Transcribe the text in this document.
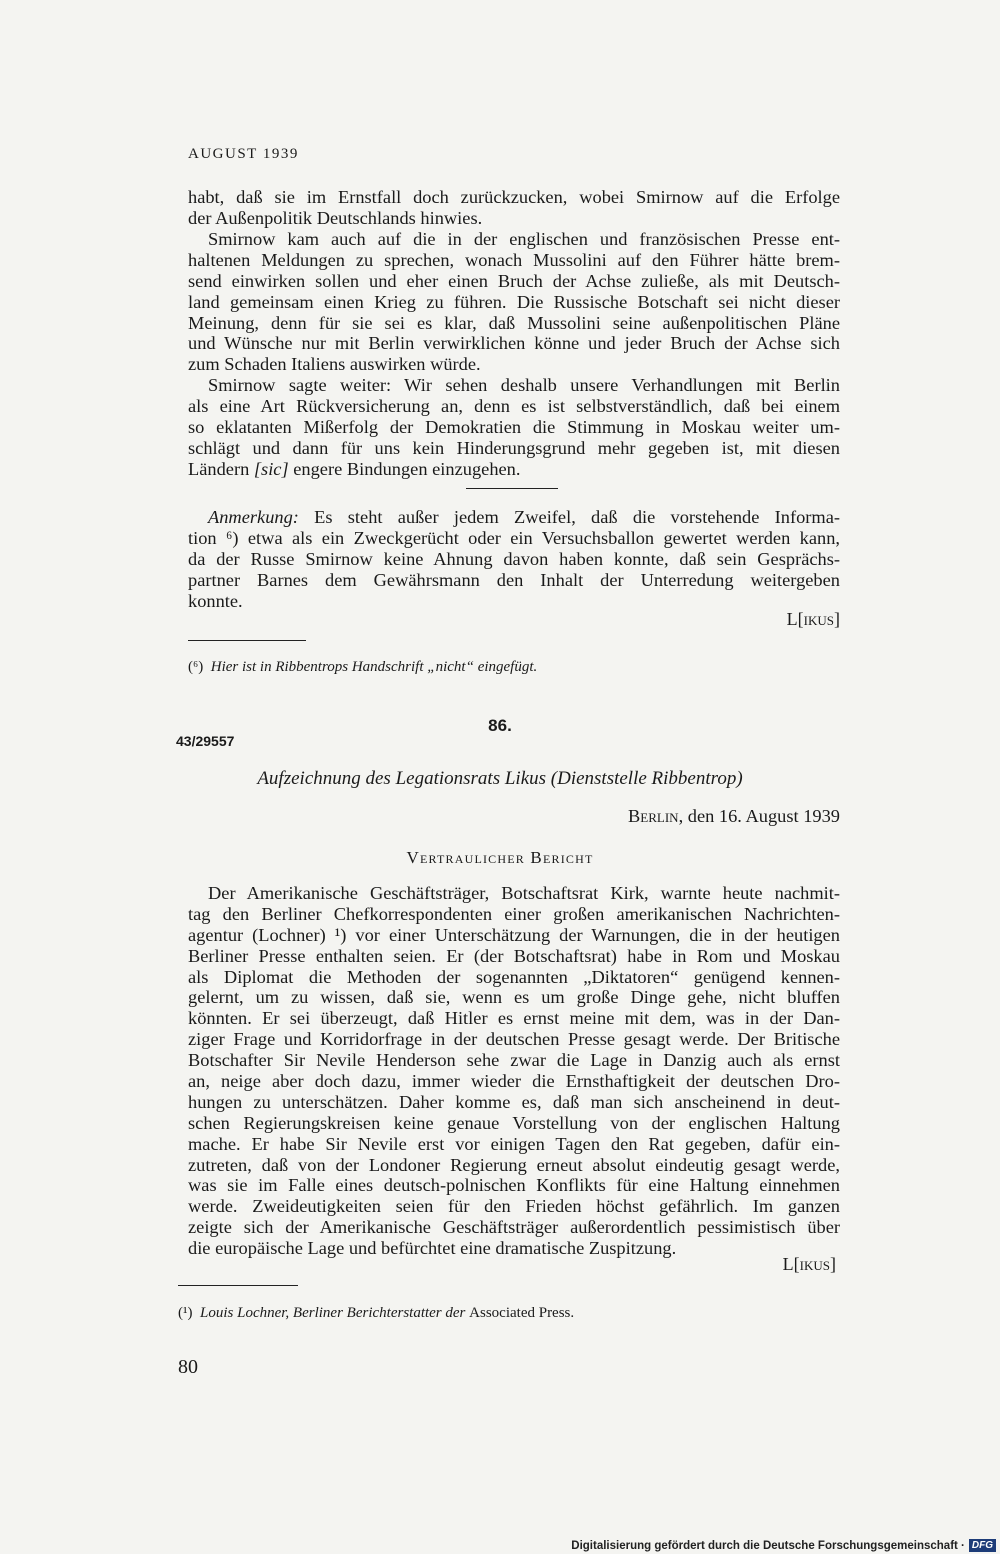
AUGUST 1939
habt, daß sie im Ernstfall doch zurückzucken, wobei Smirnow auf die Erfolge
der Außenpolitik Deutschlands hinwies.
Smirnow kam auch auf die in der englischen und französischen Presse ent-
haltenen Meldungen zu sprechen, wonach Mussolini auf den Führer hätte brem-
send einwirken sollen und eher einen Bruch der Achse zuließe, als mit Deutsch-
land gemeinsam einen Krieg zu führen. Die Russische Botschaft sei nicht dieser
Meinung, denn für sie sei es klar, daß Mussolini seine außenpolitischen Pläne
und Wünsche nur mit Berlin verwirklichen könne und jeder Bruch der Achse sich
zum Schaden Italiens auswirken würde.
Smirnow sagte weiter: Wir sehen deshalb unsere Verhandlungen mit Berlin
als eine Art Rückversicherung an, denn es ist selbstverständlich, daß bei einem
so eklatanten Mißerfolg der Demokratien die Stimmung in Moskau weiter um-
schlägt und dann für uns kein Hinderungsgrund mehr gegeben ist, mit diesen
Ländern [sic] engere Bindungen einzugehen.
Anmerkung: Es steht außer jedem Zweifel, daß die vorstehende Informa-
tion ⁶) etwa als ein Zweckgerücht oder ein Versuchsballon gewertet werden kann,
da der Russe Smirnow keine Ahnung davon haben konnte, daß sein Gesprächs-
partner Barnes dem Gewährsmann den Inhalt der Unterredung weitergeben
konnte.
L[ikus]
(⁶) Hier ist in Ribbentrops Handschrift „nicht“ eingefügt.
86.
43/29557
Aufzeichnung des Legationsrats Likus (Dienststelle Ribbentrop)
Berlin, den 16. August 1939
Vertraulicher Bericht
Der Amerikanische Geschäftsträger, Botschaftsrat Kirk, warnte heute nachmit-
tag den Berliner Chefkorrespondenten einer großen amerikanischen Nachrichten-
agentur (Lochner) ¹) vor einer Unterschätzung der Warnungen, die in der heutigen
Berliner Presse enthalten seien. Er (der Botschaftsrat) habe in Rom und Moskau
als Diplomat die Methoden der sogenannten „Diktatoren“ genügend kennen-
gelernt, um zu wissen, daß sie, wenn es um große Dinge gehe, nicht bluffen
könnten. Er sei überzeugt, daß Hitler es ernst meine mit dem, was in der Dan-
ziger Frage und Korridorfrage in der deutschen Presse gesagt werde. Der Britische
Botschafter Sir Nevile Henderson sehe zwar die Lage in Danzig auch als ernst
an, neige aber doch dazu, immer wieder die Ernsthaftigkeit der deutschen Dro-
hungen zu unterschätzen. Daher komme es, daß man sich anscheinend in deut-
schen Regierungskreisen keine genaue Vorstellung von der englischen Haltung
mache. Er habe Sir Nevile erst vor einigen Tagen den Rat gegeben, dafür ein-
zutreten, daß von der Londoner Regierung erneut absolut eindeutig gesagt werde,
was sie im Falle eines deutsch-polnischen Konflikts für eine Haltung einnehmen
werde. Zweideutigkeiten seien für den Frieden höchst gefährlich. Im ganzen
zeigte sich der Amerikanische Geschäftsträger außerordentlich pessimistisch über
die europäische Lage und befürchtet eine dramatische Zuspitzung.
L[ikus]
(¹) Louis Lochner, Berliner Berichterstatter der Associated Press.
80
Digitalisierung gefördert durch die Deutsche Forschungsgemeinschaft · DFG
